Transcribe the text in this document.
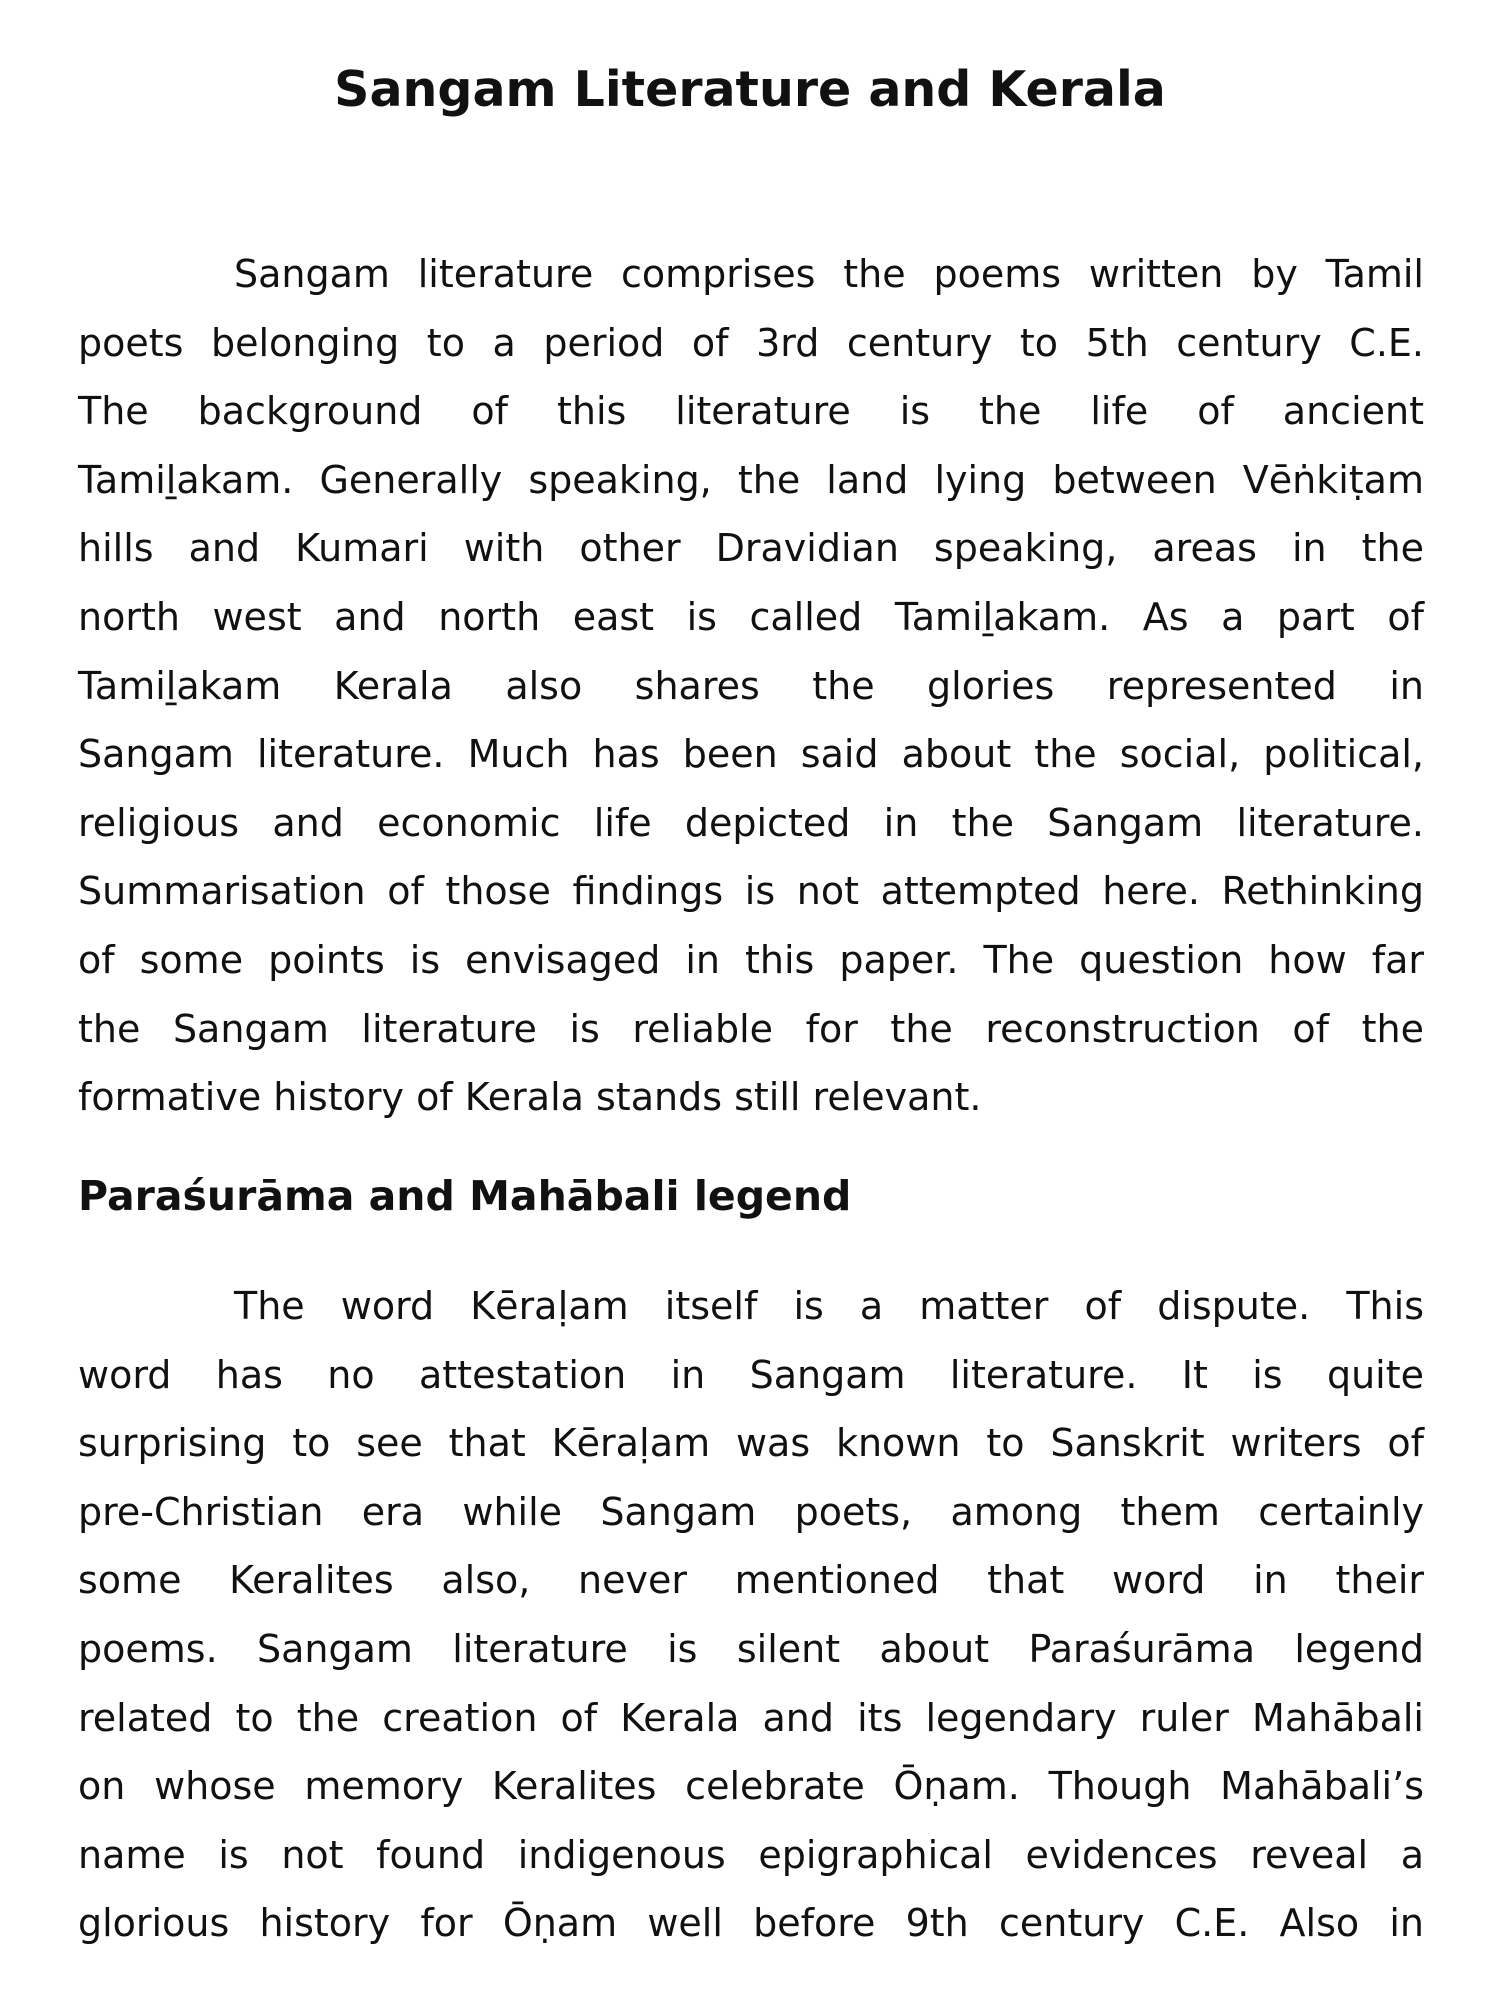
Sangam Literature and Kerala
Sangam literature comprises the poems written by Tamil
poets belonging to a period of 3rd century to 5th century C.E.
The background of this literature is the life of ancient
Tamiḻakam. Generally speaking, the land lying between Vēṅkiṭam
hills and Kumari with other Dravidian speaking, areas in the
north west and north east is called Tamiḻakam. As a part of
Tamiḻakam Kerala also shares the glories represented in
Sangam literature. Much has been said about the social, political,
religious and economic life depicted in the Sangam literature.
Summarisation of those findings is not attempted here. Rethinking
of some points is envisaged in this paper. The question how far
the Sangam literature is reliable for the reconstruction of the
formative history of Kerala stands still relevant.
Paraśurāma and Mahābali legend
The word Kēraḷam itself is a matter of dispute. This
word has no attestation in Sangam literature. It is quite
surprising to see that Kēraḷam was known to Sanskrit writers of
pre-Christian era while Sangam poets, among them certainly
some Keralites also, never mentioned that word in their
poems. Sangam literature is silent about Paraśurāma legend
related to the creation of Kerala and its legendary ruler Mahābali
on whose memory Keralites celebrate Ōṇam. Though Mahābali’s
name is not found indigenous epigraphical evidences reveal a
glorious history for Ōṇam well before 9th century C.E. Also in
